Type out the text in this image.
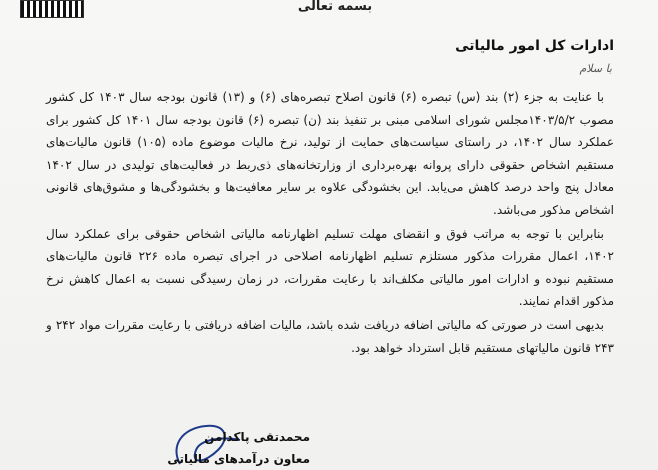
بسمه تعالی
ادارات کل امور مالیاتی
با سلام

با عنایت به جزء (۲) بند (س) تبصره (۶) قانون اصلاح تبصره‌های (۶) و (۱۳) قانون بودجه سال ۱۴۰۳ کل کشور مصوب ۱۴۰۳/۵/۲مجلس شورای اسلامی مبنی بر تنفیذ بند (ن) تبصره (۶) قانون بودجه سال ۱۴۰۱ کل کشور برای عملکرد سال ۱۴۰۲، در راستای سیاست‌های حمایت از تولید، نرخ مالیات موضوع ماده (۱۰۵) قانون مالیات‌های مستقیم اشخاص حقوقی دارای پروانه بهره‌برداری از وزارتخانه‌های ذی‌ربط در فعالیت‌های تولیدی در سال ۱۴۰۲ معادل پنج واحد درصد کاهش می‌یابد. این بخشودگی علاوه بر سایر معافیت‌ها و بخشودگی‌ها و مشوق‌های قانونی اشخاص مذکور می‌باشد.

بنابراین با توجه به مراتب فوق و انقضای مهلت تسلیم اظهارنامه مالیاتی اشخاص حقوقی برای عملکرد سال ۱۴۰۲، اعمال مقررات مذکور مستلزم تسلیم اظهارنامه اصلاحی در اجرای تبصره ماده ۲۲۶ قانون مالیات‌های مستقیم نبوده و ادارات امور مالیاتی مکلف‌اند با رعایت مقررات، در زمان رسیدگی نسبت به اعمال کاهش نرخ مذکور اقدام نمایند.

بدیهی است در صورتی که مالیاتی اضافه دریافت شده باشد، مالیات اضافه دریافتی با رعایت مقررات مواد ۲۴۲ و ۲۴۳ قانون مالیاتهای مستقیم قابل استرداد خواهد بود.

محمدتقی پاکدامن
معاون درآمدهای مالیاتی
